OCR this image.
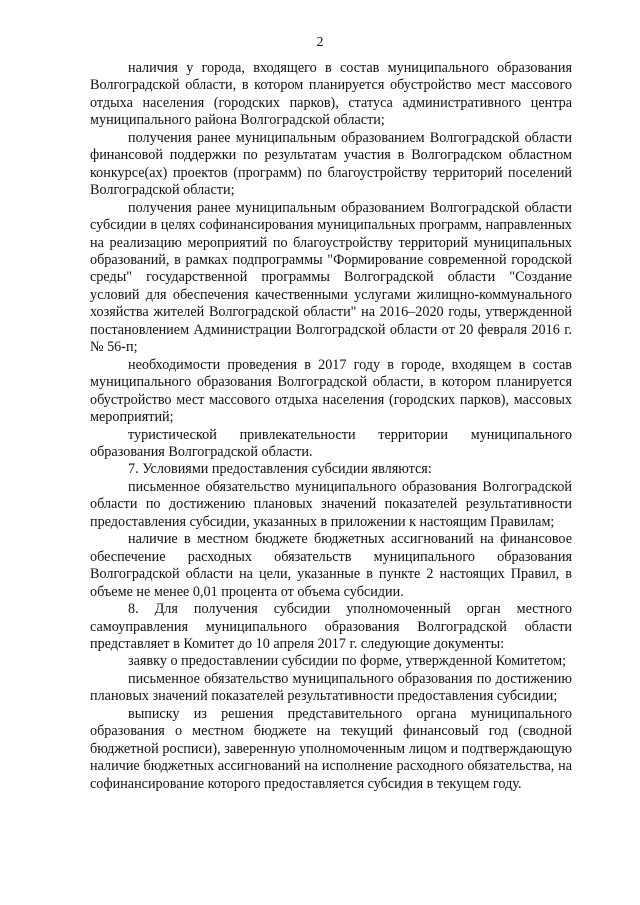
2

наличия у города, входящего в состав муниципального образования Волгоградской области, в котором планируется обустройство мест массового отдыха населения (городских парков), статуса административного центра муниципального района Волгоградской области;

получения ранее муниципальным образованием Волгоградской области финансовой поддержки по результатам участия в Волгоградском областном конкурсе(ах) проектов (программ) по благоустройству территорий поселений Волгоградской области;

получения ранее муниципальным образованием Волгоградской области субсидии в целях софинансирования муниципальных программ, направленных на реализацию мероприятий по благоустройству территорий муниципальных образований, в рамках подпрограммы "Формирование современной городской среды" государственной программы Волгоградской области "Создание условий для обеспечения качественными услугами жилищно-коммунального хозяйства жителей Волгоградской области" на 2016–2020 годы, утвержденной постановлением Администрации Волгоградской области от 20 февраля 2016 г. № 56-п;

необходимости проведения в 2017 году в городе, входящем в состав муниципального образования Волгоградской области, в котором планируется обустройство мест массового отдыха населения (городских парков), массовых мероприятий;

туристической привлекательности территории муниципального образования Волгоградской области.

7. Условиями предоставления субсидии являются:

письменное обязательство муниципального образования Волгоградской области по достижению плановых значений показателей результативности предоставления субсидии, указанных в приложении к настоящим Правилам;

наличие в местном бюджете бюджетных ассигнований на финансовое обеспечение расходных обязательств муниципального образования Волгоградской области на цели, указанные в пункте 2 настоящих Правил, в объеме не менее 0,01 процента от объема субсидии.

8. Для получения субсидии уполномоченный орган местного самоуправления муниципального образования Волгоградской области представляет в Комитет до 10 апреля 2017 г. следующие документы:

заявку о предоставлении субсидии по форме, утвержденной Комитетом;

письменное обязательство муниципального образования по достижению плановых значений показателей результативности предоставления субсидии;

выписку из решения представительного органа муниципального образования о местном бюджете на текущий финансовый год (сводной бюджетной росписи), заверенную уполномоченным лицом и подтверждающую наличие бюджетных ассигнований на исполнение расходного обязательства, на софинансирование которого предоставляется субсидия в текущем году.
